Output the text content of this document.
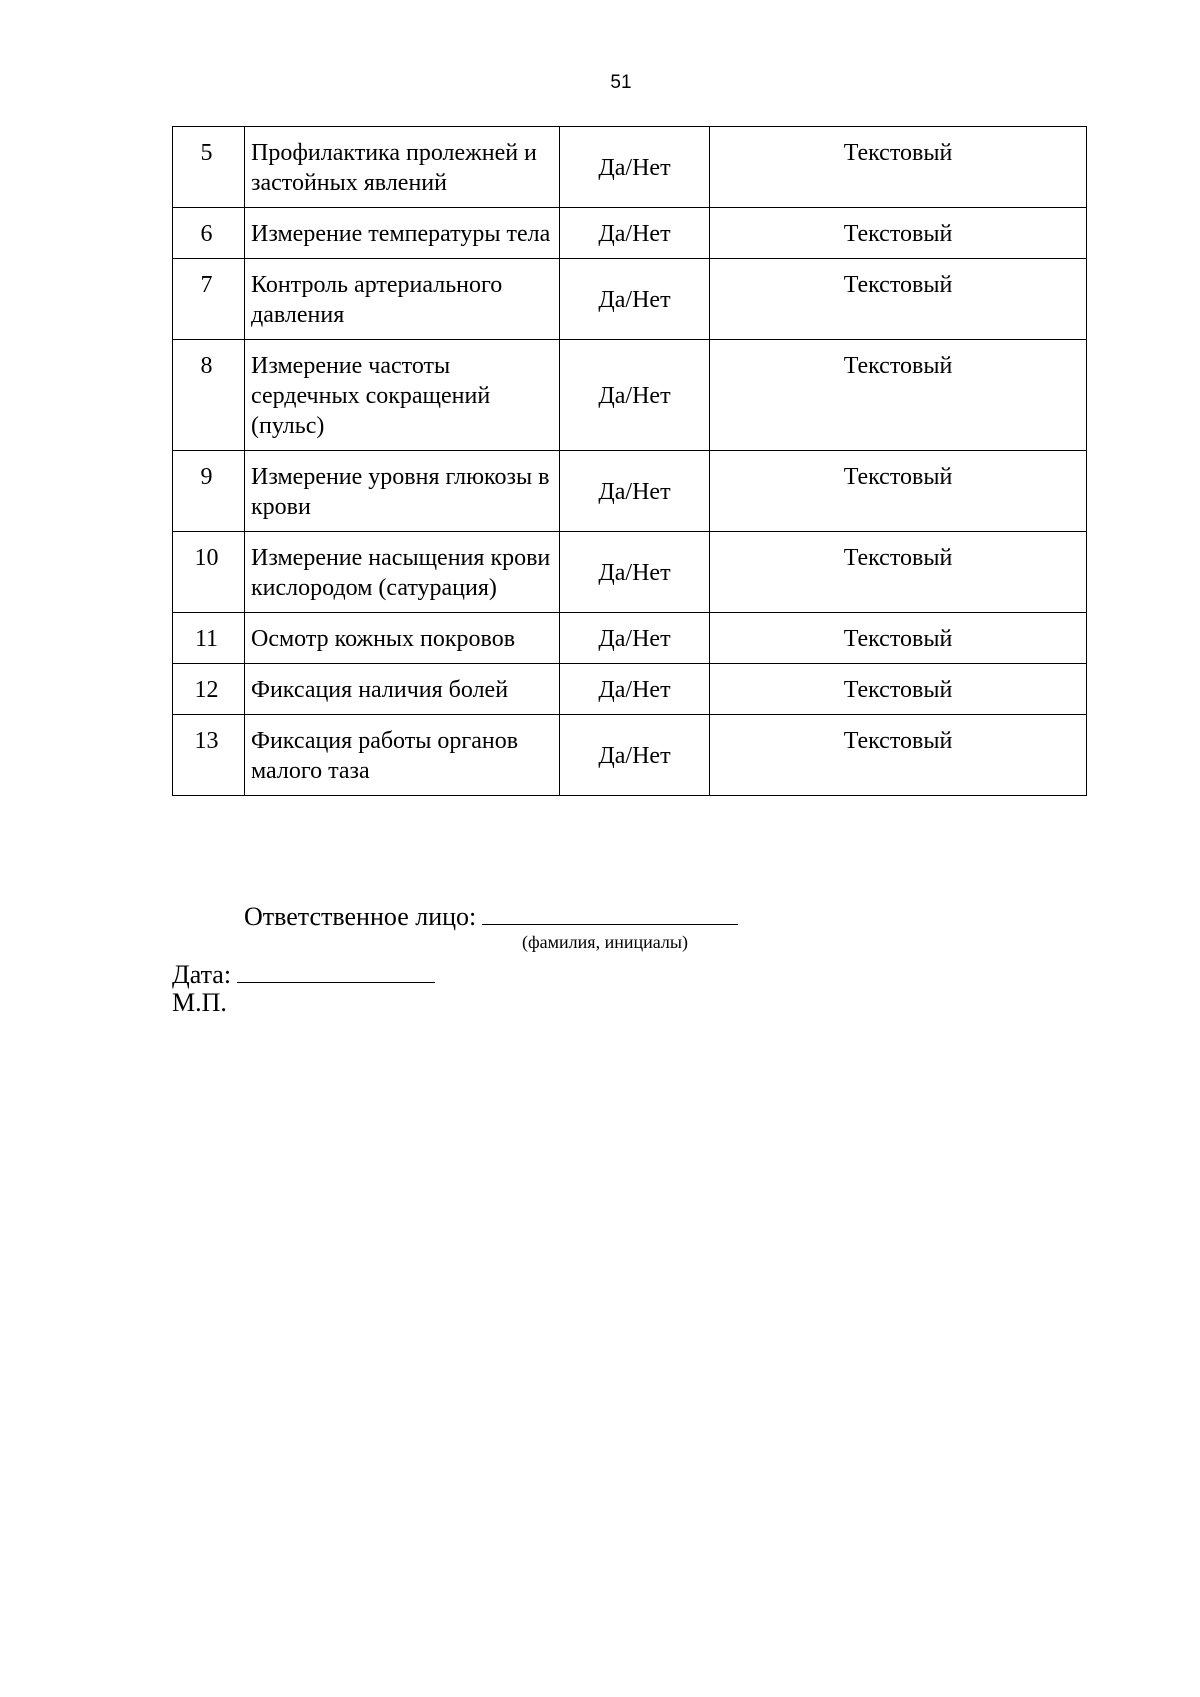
51
5	Профилактика пролежней и застойных явлений	Да/Нет	Текстовый
6	Измерение температуры тела	Да/Нет	Текстовый
7	Контроль артериального давления	Да/Нет	Текстовый
8	Измерение частоты сердечных сокращений (пульс)	Да/Нет	Текстовый
9	Измерение уровня глюкозы в крови	Да/Нет	Текстовый
10	Измерение насыщения крови кислородом (сатурация)	Да/Нет	Текстовый
11	Осмотр кожных покровов	Да/Нет	Текстовый
12	Фиксация наличия болей	Да/Нет	Текстовый
13	Фиксация работы органов малого таза	Да/Нет	Текстовый
Ответственное лицо:
(фамилия, инициалы)
Дата:
М.П.
